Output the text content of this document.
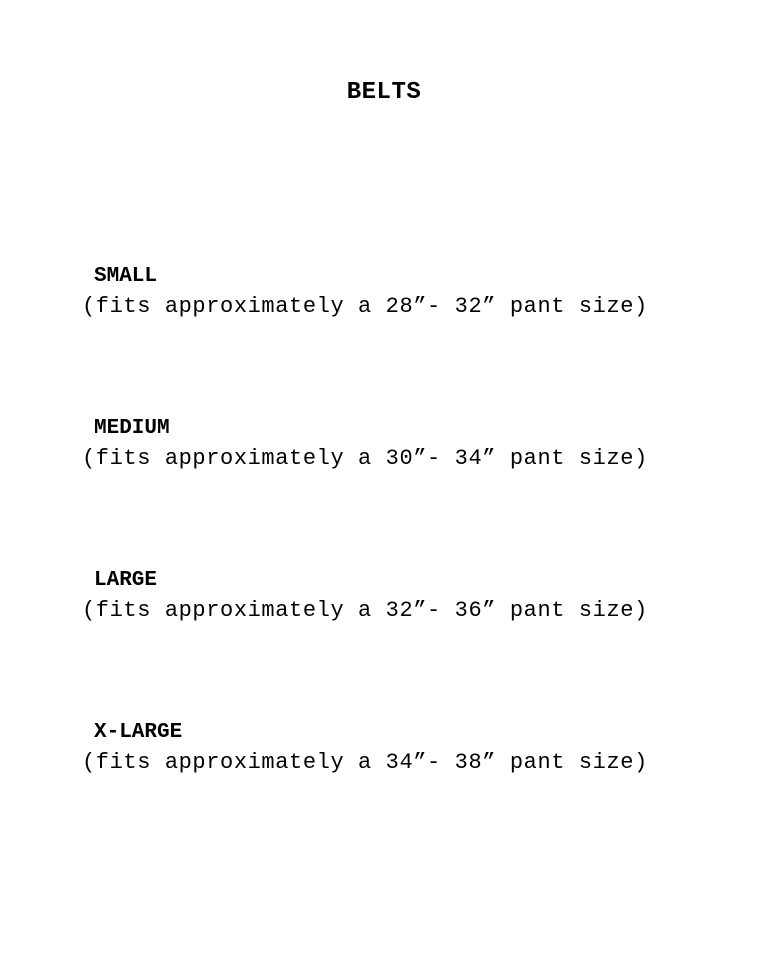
BELTS
SMALL
(fits approximately a 28”- 32” pant size)
MEDIUM
(fits approximately a 30”- 34” pant size)
LARGE
(fits approximately a 32”- 36” pant size)
X-LARGE
(fits approximately a 34”- 38” pant size)
